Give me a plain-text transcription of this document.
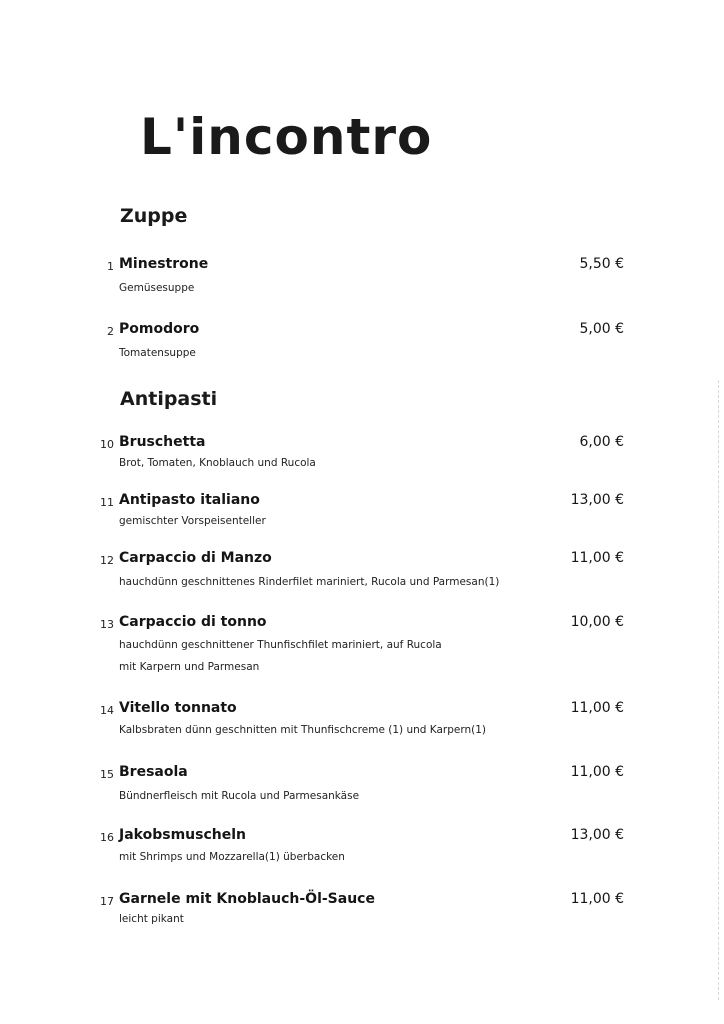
L'incontro
Zuppe
1 Minestrone	5,50 €
Gemüsesuppe
2 Pomodoro	5,00 €
Tomatensuppe
Antipasti
10 Bruschetta	6,00 €
Brot, Tomaten, Knoblauch und Rucola
11 Antipasto italiano	13,00 €
gemischter Vorspeisenteller
12 Carpaccio di Manzo	11,00 €
hauchdünn geschnittenes Rinderfilet mariniert, Rucola und Parmesan(1)
13 Carpaccio di tonno	10,00 €
hauchdünn geschnittener Thunfischfilet mariniert, auf Rucola
mit Karpern und Parmesan
14 Vitello tonnato	11,00 €
Kalbsbraten dünn geschnitten mit Thunfischcreme (1) und Karpern(1)
15 Bresaola	11,00 €
Bündnerfleisch mit Rucola und Parmesankäse
16 Jakobsmuscheln	13,00 €
mit Shrimps und Mozzarella(1) überbacken
17 Garnele mit Knoblauch-Öl-Sauce	11,00 €
leicht pikant
